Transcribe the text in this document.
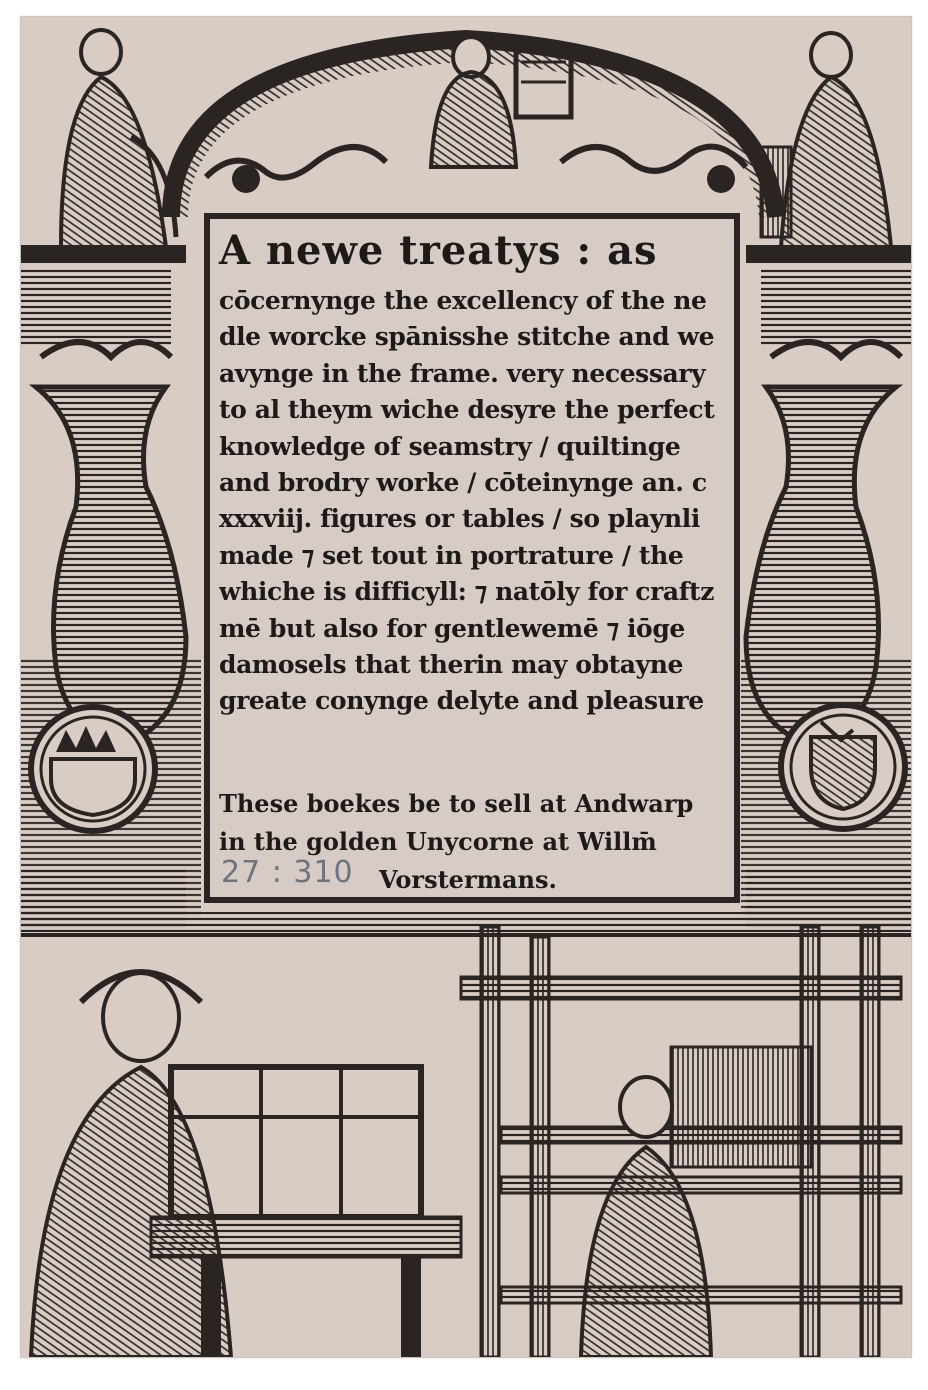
A newe treatys : as
cōcernynge the excellency of the ne
dle worcke spānisshe stitche and we
avynge in the frame. very necessary
to al theym wiche desyre the perfect
knowledge of seamstry / quiltinge
and brodry worke / cōteinynge an. c
xxxviij. figures or tables / so playnli
made ⁊ set tout in portrature / the
whiche is difficyll: ⁊ natōly for craftz
mē but also for gentlewemē ⁊ iōge
damosels that therin may obtayne
greate conynge delyte and pleasure
These boekes be to sell at Andwarp
in the golden Unycorne at Willm̄
Vorstermans.
27 : 310
